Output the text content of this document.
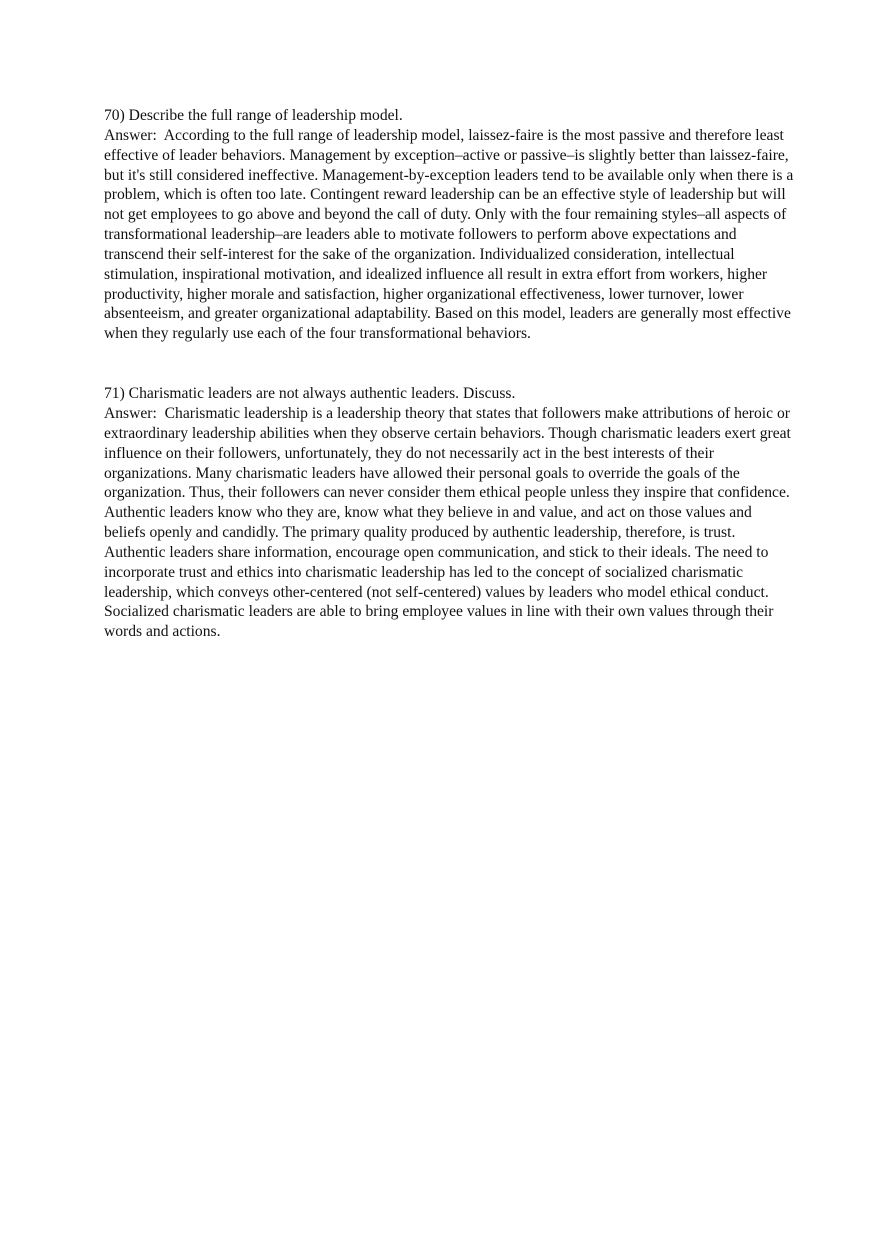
70) Describe the full range of leadership model.

Answer:  According to the full range of leadership model, laissez-faire is the most passive and therefore least effective of leader behaviors. Management by exception–active or passive–is slightly better than laissez-faire, but it's still considered ineffective. Management-by-exception leaders tend to be available only when there is a problem, which is often too late. Contingent reward leadership can be an effective style of leadership but will not get employees to go above and beyond the call of duty. Only with the four remaining styles–all aspects of transformational leadership–are leaders able to motivate followers to perform above expectations and transcend their self-interest for the sake of the organization. Individualized consideration, intellectual stimulation, inspirational motivation, and idealized influence all result in extra effort from workers, higher productivity, higher morale and satisfaction, higher organizational effectiveness, lower turnover, lower absenteeism, and greater organizational adaptability. Based on this model, leaders are generally most effective when they regularly use each of the four transformational behaviors.

71) Charismatic leaders are not always authentic leaders. Discuss.

Answer:  Charismatic leadership is a leadership theory that states that followers make attributions of heroic or extraordinary leadership abilities when they observe certain behaviors. Though charismatic leaders exert great influence on their followers, unfortunately, they do not necessarily act in the best interests of their organizations. Many charismatic leaders have allowed their personal goals to override the goals of the organization. Thus, their followers can never consider them ethical people unless they inspire that confidence. Authentic leaders know who they are, know what they believe in and value, and act on those values and beliefs openly and candidly. The primary quality produced by authentic leadership, therefore, is trust. Authentic leaders share information, encourage open communication, and stick to their ideals. The need to incorporate trust and ethics into charismatic leadership has led to the concept of socialized charismatic leadership, which conveys other-centered (not self-centered) values by leaders who model ethical conduct. Socialized charismatic leaders are able to bring employee values in line with their own values through their words and actions.
